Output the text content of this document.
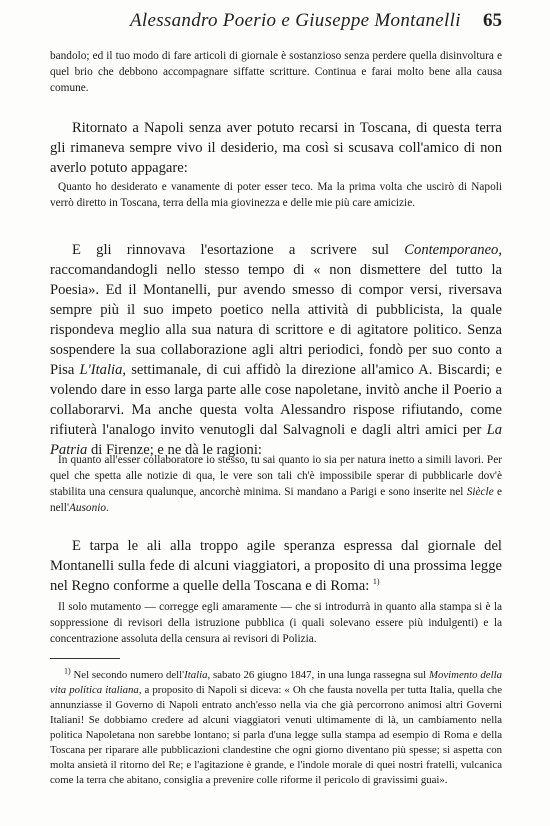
Alessandro Poerio e Giuseppe Montanelli 65

bandolo; ed il tuo modo di fare articoli di giornale è sostanzioso senza perdere quella disinvoltura e quel brio che debbono accompagnare siffatte scritture. Continua e farai molto bene alla causa comune.

Ritornato a Napoli senza aver potuto recarsi in Toscana, di questa terra gli rimaneva sempre vivo il desiderio, ma così si scusava coll'amico di non averlo potuto appagare:

Quanto ho desiderato e vanamente di poter esser teco. Ma la prima volta che uscirò di Napoli verrò diretto in Toscana, terra della mia giovinezza e delle mie più care amicizie.

E gli rinnovava l'esortazione a scrivere sul Contemporaneo, raccomandandogli nello stesso tempo di « non dismettere del tutto la Poesia». Ed il Montanelli, pur avendo smesso di compor versi, riversava sempre più il suo impeto poetico nella attività di pubblicista, la quale rispondeva meglio alla sua natura di scrittore e di agitatore politico. Senza sospendere la sua collaborazione agli altri periodici, fondò per suo conto a Pisa L'Italia, settimanale, di cui affidò la direzione all'amico A. Biscardi; e volendo dare in esso larga parte alle cose napoletane, invitò anche il Poerio a collaborarvi. Ma anche questa volta Alessandro rispose rifiutando, come rifiuterà l'analogo invito venutogli dal Salvagnoli e dagli altri amici per La Patria di Firenze; e ne dà le ragioni:

In quanto all'esser collaboratore io stesso, tu sai quanto io sia per natura inetto a simili lavori. Per quel che spetta alle notizie di qua, le vere son tali ch'è impossibile sperar di pubblicarle dov'è stabilita una censura qualunque, ancorchè minima. Si mandano a Parigi e sono inserite nel Siècle e nell'Ausonio.

E tarpa le ali alla troppo agile speranza espressa dal giornale del Montanelli sulla fede di alcuni viaggiatori, a proposito di una prossima legge nel Regno conforme a quelle della Toscana e di Roma: $^{1)}$

Il solo mutamento — corregge egli amaramente — che si introdurrà in quanto alla stampa si è la soppressione di revisori della istruzione pubblica (i quali solevano essere più indulgenti) e la concentrazione assoluta della censura ai revisori di Polizia.

$^{1)}$ Nel secondo numero dell'Italia, sabato 26 giugno 1847, in una lunga rassegna sul Movimento della vita politica italiana, a proposito di Napoli si diceva: « Oh che fausta novella per tutta Italia, quella che annunziasse il Governo di Napoli entrato anch'esso nella via che già percorrono animosi altri Governi Italiani! Se dobbiamo credere ad alcuni viaggiatori venuti ultimamente di là, un cambiamento nella politica Napoletana non sarebbe lontano; si parla d'una legge sulla stampa ad esempio di Roma e della Toscana per riparare alle pubblicazioni clandestine che ogni giorno diventano più spesse; si aspetta con molta ansietà il ritorno del Re; e l'agitazione è grande, e l'indole morale di quei nostri fratelli, vulcanica come la terra che abitano, consiglia a prevenire colle riforme il pericolo di gravissimi guai».
